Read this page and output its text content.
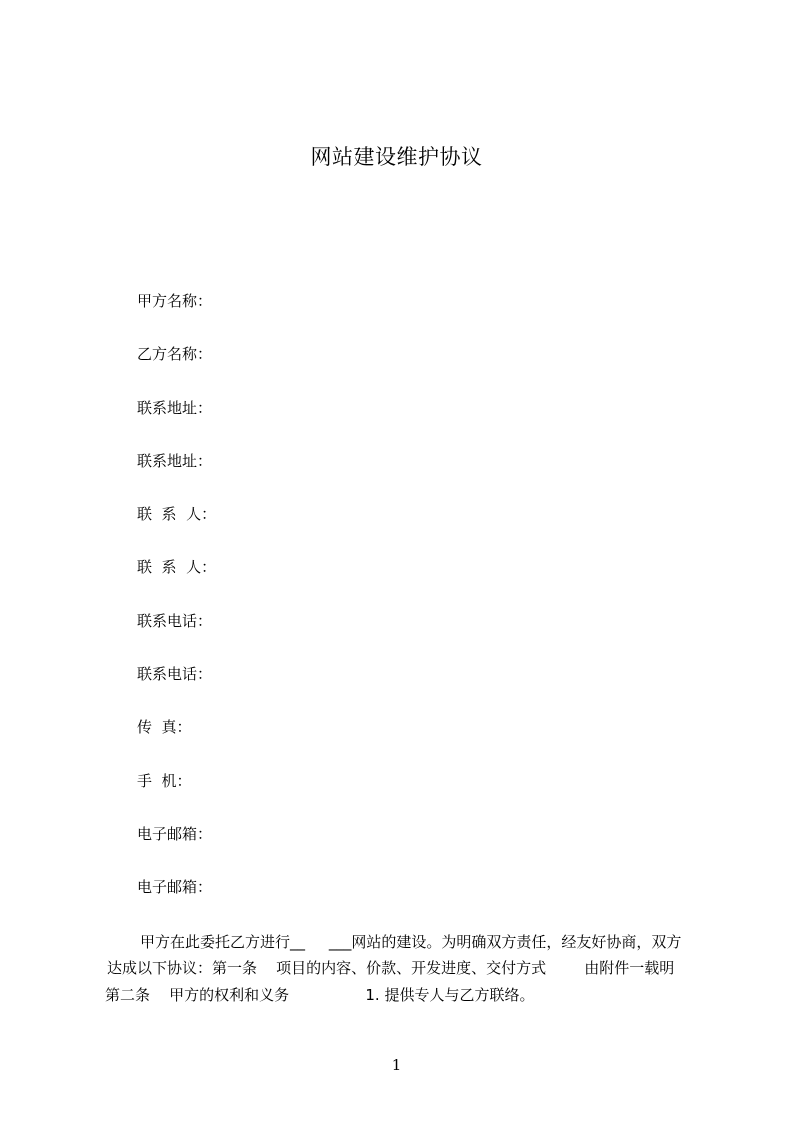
网站建设维护协议
甲方名称：
乙方名称：
联系地址：
联系地址：
联  系  人：
联  系  人：
联系电话：
联系电话：
传  真：
手  机：
电子邮箱：
电子邮箱：
甲方在此委托乙方进行__     ___网站的建设。为明确双方责任，经友好协商，双方
达成以下协议：第一条    项目的内容、价款、开发进度、交付方式        由附件一载明
第二条    甲方的权利和义务                1. 提供专人与乙方联络。
1
